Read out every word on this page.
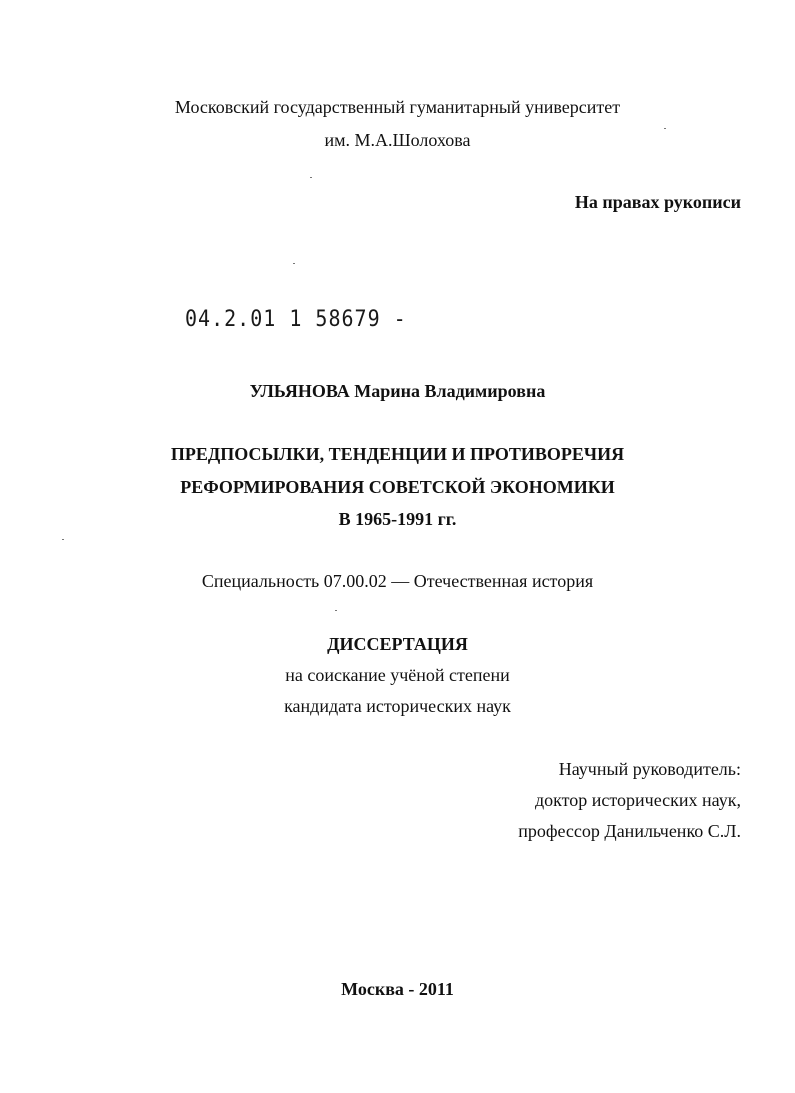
Московский государственный гуманитарный университет
им. М.А.Шолохова
На правах рукописи
04.2.01 1 58679 -
УЛЬЯНОВА Марина Владимировна
ПРЕДПОСЫЛКИ, ТЕНДЕНЦИИ И ПРОТИВОРЕЧИЯ
РЕФОРМИРОВАНИЯ СОВЕТСКОЙ ЭКОНОМИКИ
В 1965-1991 гг.
Специальность 07.00.02 — Отечественная история
ДИССЕРТАЦИЯ
на соискание учёной степени
кандидата исторических наук
Научный руководитель:
доктор исторических наук,
профессор Данильченко С.Л.
Москва - 2011
